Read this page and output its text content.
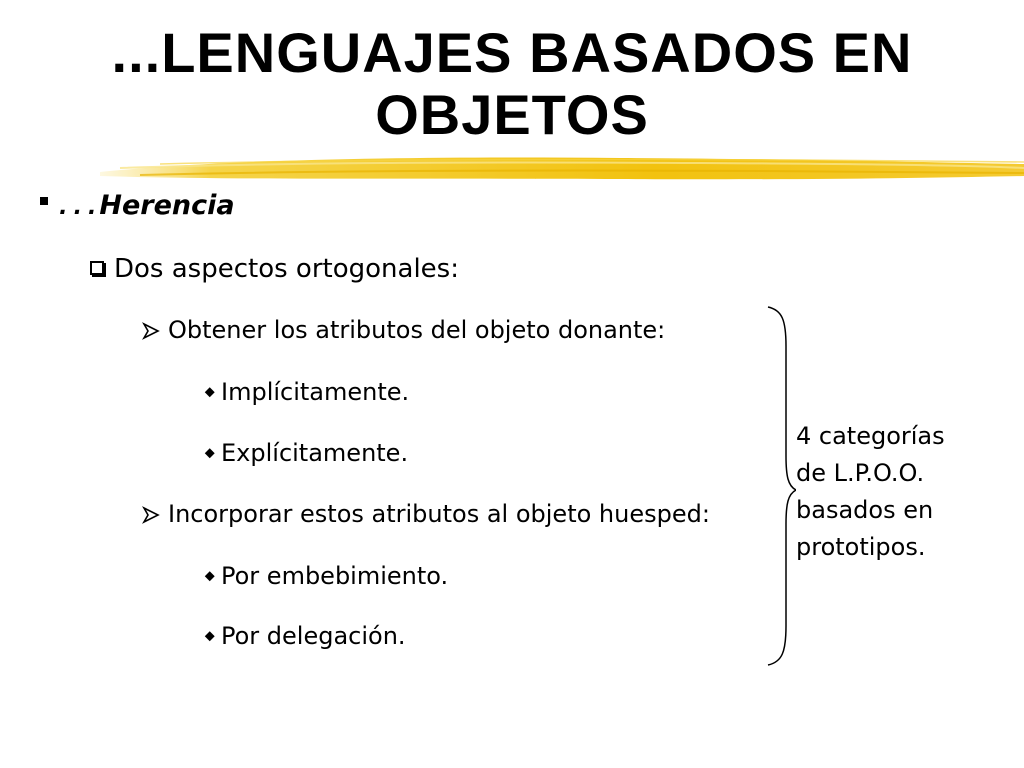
...LENGUAJES BASADOS EN
OBJETOS
... Herencia
Dos aspectos ortogonales:
Obtener los atributos del objeto donante:
Implícitamente.
Explícitamente.
Incorporar estos atributos al objeto huesped:
Por embebimiento.
Por delegación.
4 categorías
de L.P.O.O.
basados en
prototipos.
